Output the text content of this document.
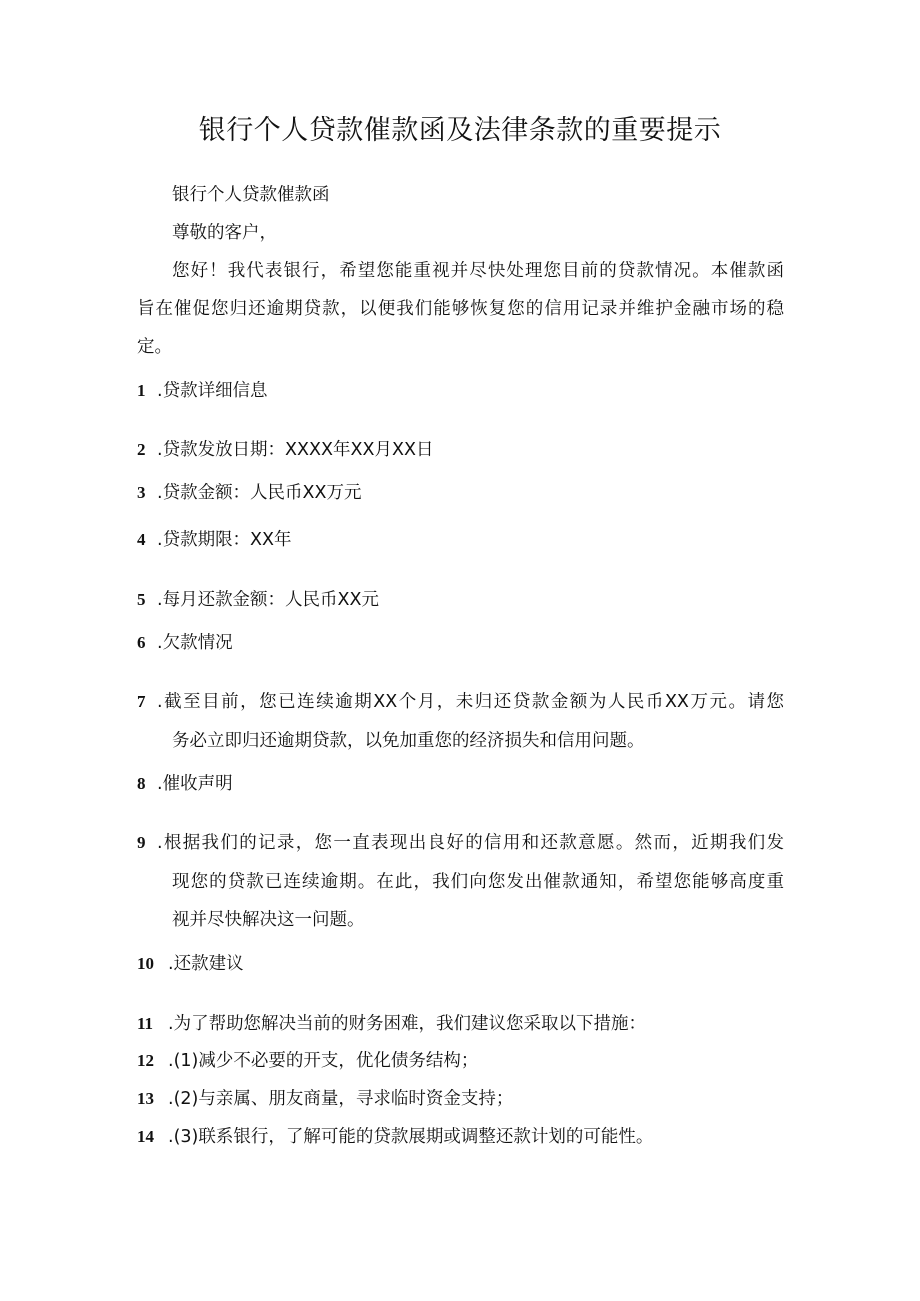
银行个人贷款催款函及法律条款的重要提示
银行个人贷款催款函
尊敬的客户，
您好！我代表银行，希望您能重视并尽快处理您目前的贷款情况。本催款函
旨在催促您归还逾期贷款，以便我们能够恢复您的信用记录并维护金融市场的稳
定。
1 .贷款详细信息
2 .贷款发放日期：XXXX年XX月XX日
3 .贷款金额：人民币XX万元
4 .贷款期限：XX年
5 .每月还款金额：人民币XX元
6 .欠款情况
7 .截至目前，您已连续逾期XX个月，未归还贷款金额为人民币XX万元。请您
务必立即归还逾期贷款，以免加重您的经济损失和信用问题。
8 .催收声明
9 .根据我们的记录，您一直表现出良好的信用和还款意愿。然而，近期我们发
现您的贷款已连续逾期。在此，我们向您发出催款通知，希望您能够高度重
视并尽快解决这一问题。
10 .还款建议
11 .为了帮助您解决当前的财务困难，我们建议您采取以下措施：
12 .(1)减少不必要的开支，优化债务结构；
13 .(2)与亲属、朋友商量，寻求临时资金支持；
14 .(3)联系银行，了解可能的贷款展期或调整还款计划的可能性。
